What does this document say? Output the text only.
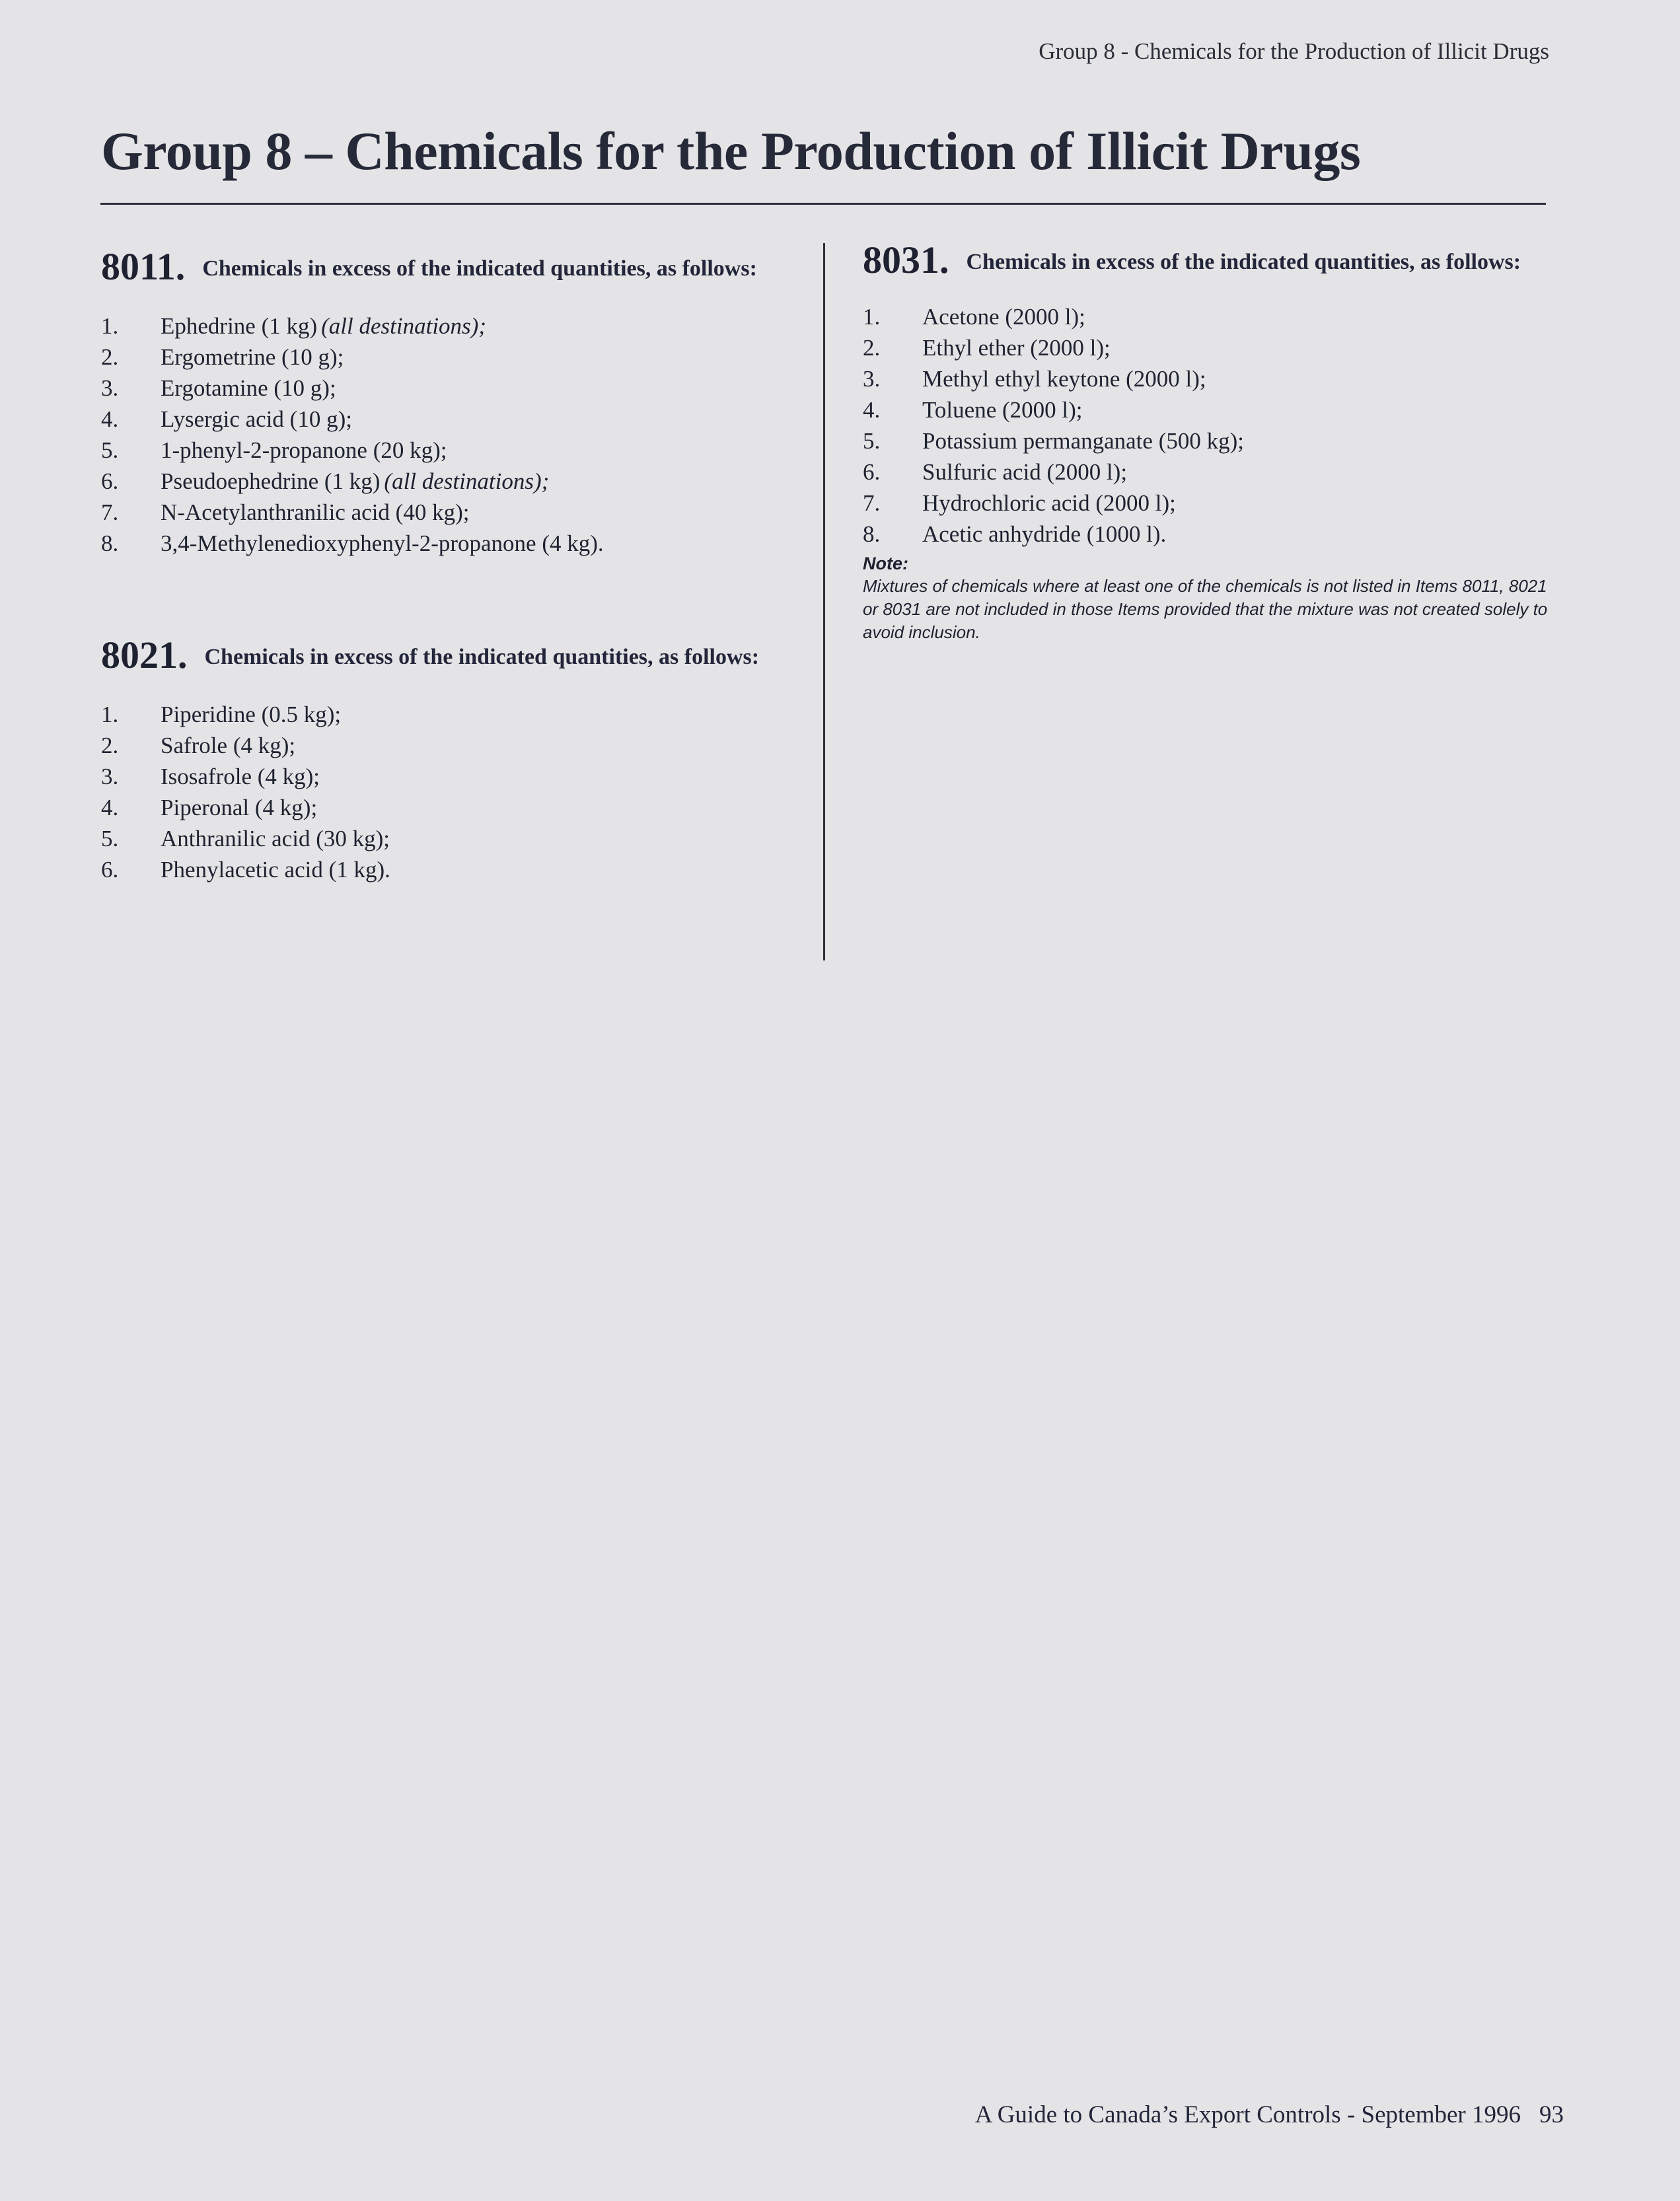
Group 8 - Chemicals for the Production of Illicit Drugs
Group 8 – Chemicals for the Production of Illicit Drugs
8011. Chemicals in excess of the indicated quantities, as follows:
1.	Ephedrine (1 kg) (all destinations);
2.	Ergometrine (10 g);
3.	Ergotamine (10 g);
4.	Lysergic acid (10 g);
5.	1-phenyl-2-propanone (20 kg);
6.	Pseudoephedrine (1 kg) (all destinations);
7.	N-Acetylanthranilic acid (40 kg);
8.	3,4-Methylenedioxyphenyl-2-propanone (4 kg).
8021. Chemicals in excess of the indicated quantities, as follows:
1.	Piperidine (0.5 kg);
2.	Safrole (4 kg);
3.	Isosafrole (4 kg);
4.	Piperonal (4 kg);
5.	Anthranilic acid (30 kg);
6.	Phenylacetic acid (1 kg).
8031. Chemicals in excess of the indicated quantities, as follows:
1.	Acetone (2000 l);
2.	Ethyl ether (2000 l);
3.	Methyl ethyl keytone (2000 l);
4.	Toluene (2000 l);
5.	Potassium permanganate (500 kg);
6.	Sulfuric acid (2000 l);
7.	Hydrochloric acid (2000 l);
8.	Acetic anhydride (1000 l).
Note:
Mixtures of chemicals where at least one of the chemicals is not listed in Items 8011, 8021 or 8031 are not included in those Items provided that the mixture was not created solely to avoid inclusion.
A Guide to Canada’s Export Controls - September 1996 93
